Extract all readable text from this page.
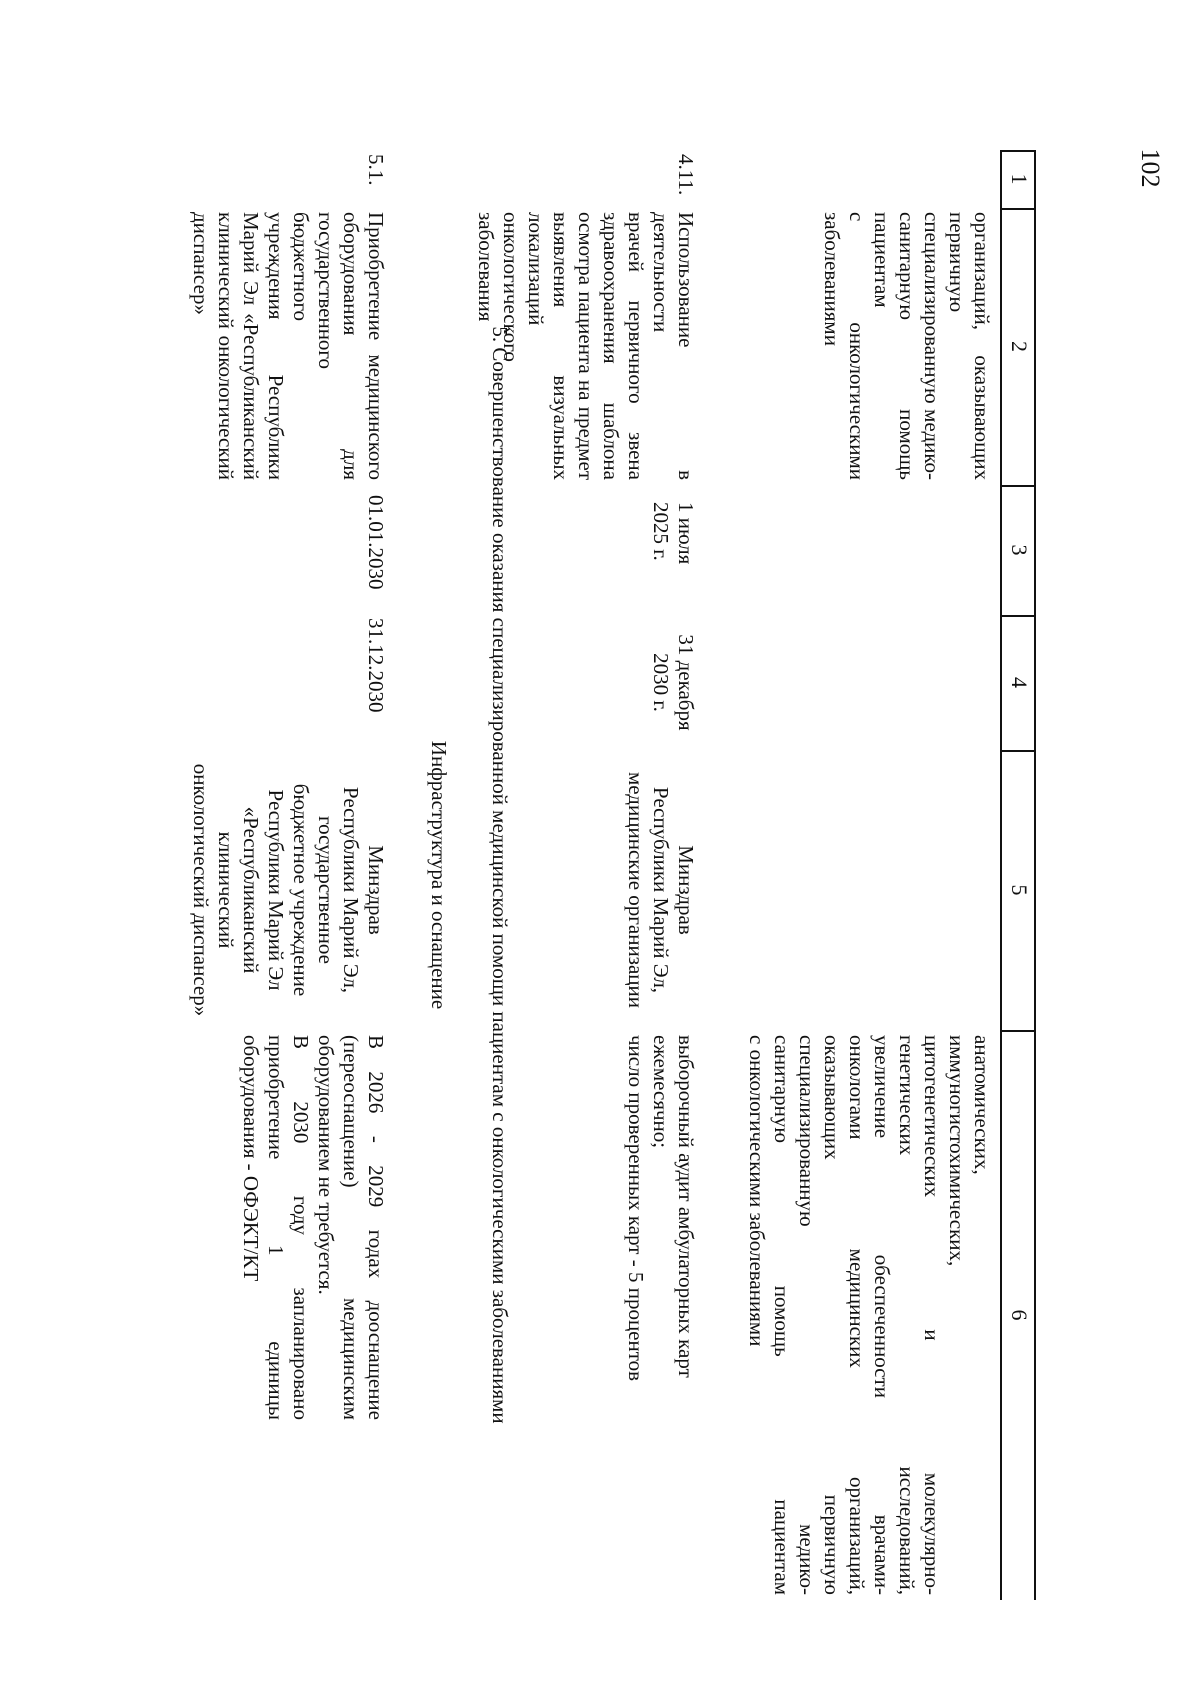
102
1
2
3
4
5
6
организаций, оказывающих
первичную
специализированную медико-
санитарную помощь пациентам
с онкологическими
заболеваниями
анатомических,
иммуногистохимических,
цитогенетических и молекулярно-
генетических исследований,
увеличение обеспеченности врачами-
онкологами медицинских организаций,
оказывающих первичную
специализированную медико-
санитарную помощь пациентам
с онкологическими заболеваниями
4.11.
Использование в деятельности
врачей первичного звена
здравоохранения шаблона
осмотра пациента на предмет
выявления визуальных
локализаций онкологического
заболевания
1 июля
2025 г.
31 декабря
2030 г.
Минздрав
Республики Марий Эл,
медицинские организации
выборочный аудит амбулаторных карт
ежемесячно;
число проверенных карт - 5 процентов
5. Совершенствование оказания специализированной медицинской помощи пациентам с онкологическими заболеваниями
Инфраструктура и оснащение
5.1.
Приобретение медицинского
оборудования для
государственного бюджетного
учреждения Республики
Марий Эл «Республиканский
клинический онкологический
диспансер»
01.01.2030
31.12.2030
Минздрав
Республики Марий Эл,
государственное
бюджетное учреждение
Республики Марий Эл
«Республиканский
клинический
онкологический диспансер»
В 2026 - 2029 годах дооснащение
(переоснащение) медицинским
оборудованием не требуется.
В 2030 году запланировано
приобретение 1 единицы
оборудования - ОФЭКТ/КТ
